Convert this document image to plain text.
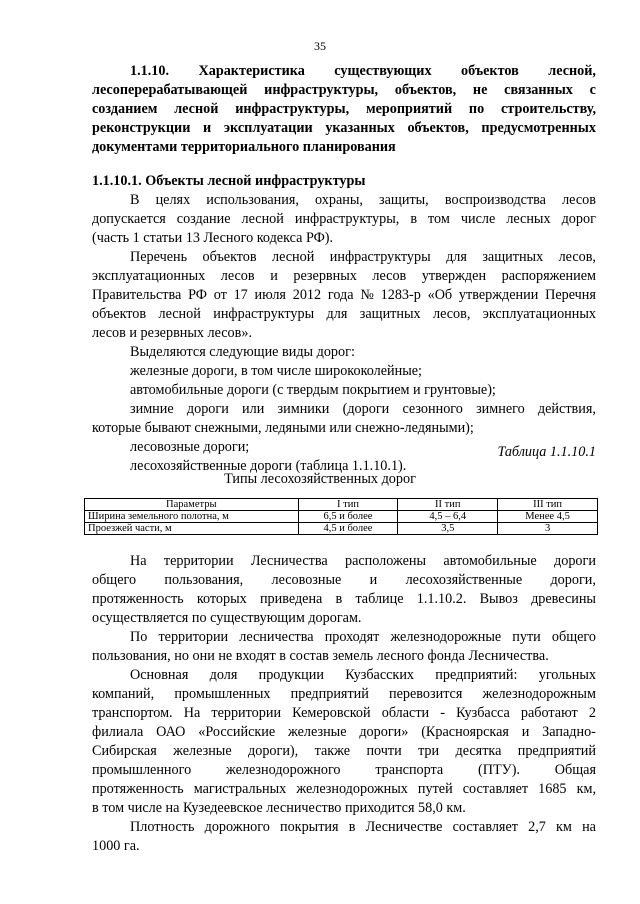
35
1.1.10. Характеристика существующих объектов лесной,
лесоперерабатывающей инфраструктуры, объектов, не связанных с
созданием лесной инфраструктуры, мероприятий по строительству,
реконструкции и эксплуатации указанных объектов, предусмотренных
документами территориального планирования
1.1.10.1. Объекты лесной инфраструктуры
В целях использования, охраны, защиты, воспроизводства лесов
допускается создание лесной инфраструктуры, в том числе лесных дорог
(часть 1 статьи 13 Лесного кодекса РФ).
Перечень объектов лесной инфраструктуры для защитных лесов,
эксплуатационных лесов и резервных лесов утвержден распоряжением
Правительства РФ от 17 июля 2012 года № 1283-р «Об утверждении Перечня
объектов лесной инфраструктуры для защитных лесов, эксплуатационных
лесов и резервных лесов».
Выделяются следующие виды дорог:
железные дороги, в том числе ширококолейные;
автомобильные дороги (с твердым покрытием и грунтовые);
зимние дороги или зимники (дороги сезонного зимнего действия,
которые бывают снежными, ледяными или снежно-ледяными);
лесовозные дороги;
лесохозяйственные дороги (таблица 1.1.10.1).
Таблица 1.1.10.1
Типы лесохозяйственных дорог
Параметры	I тип	II тип	III тип
Ширина земельного полотна, м	6,5 и более	4,5 – 6,4	Менее 4,5
Проезжей части, м	4,5 и более	3,5	3
На территории Лесничества расположены автомобильные дороги
общего пользования, лесовозные и лесохозяйственные дороги,
протяженность которых приведена в таблице 1.1.10.2. Вывоз древесины
осуществляется по существующим дорогам.
По территории лесничества проходят железнодорожные пути общего
пользования, но они не входят в состав земель лесного фонда Лесничества.
Основная доля продукции Кузбасских предприятий: угольных
компаний, промышленных предприятий перевозится железнодорожным
транспортом. На территории Кемеровской области - Кузбасса работают 2
филиала ОАО «Российские железные дороги» (Красноярская и Западно-
Сибирская железные дороги), также почти три десятка предприятий
промышленного железнодорожного транспорта (ПТУ). Общая
протяженность магистральных железнодорожных путей составляет 1685 км,
в том числе на Кузедеевское лесничество приходится 58,0 км.
Плотность дорожного покрытия в Лесничестве составляет 2,7 км на
1000 га.
